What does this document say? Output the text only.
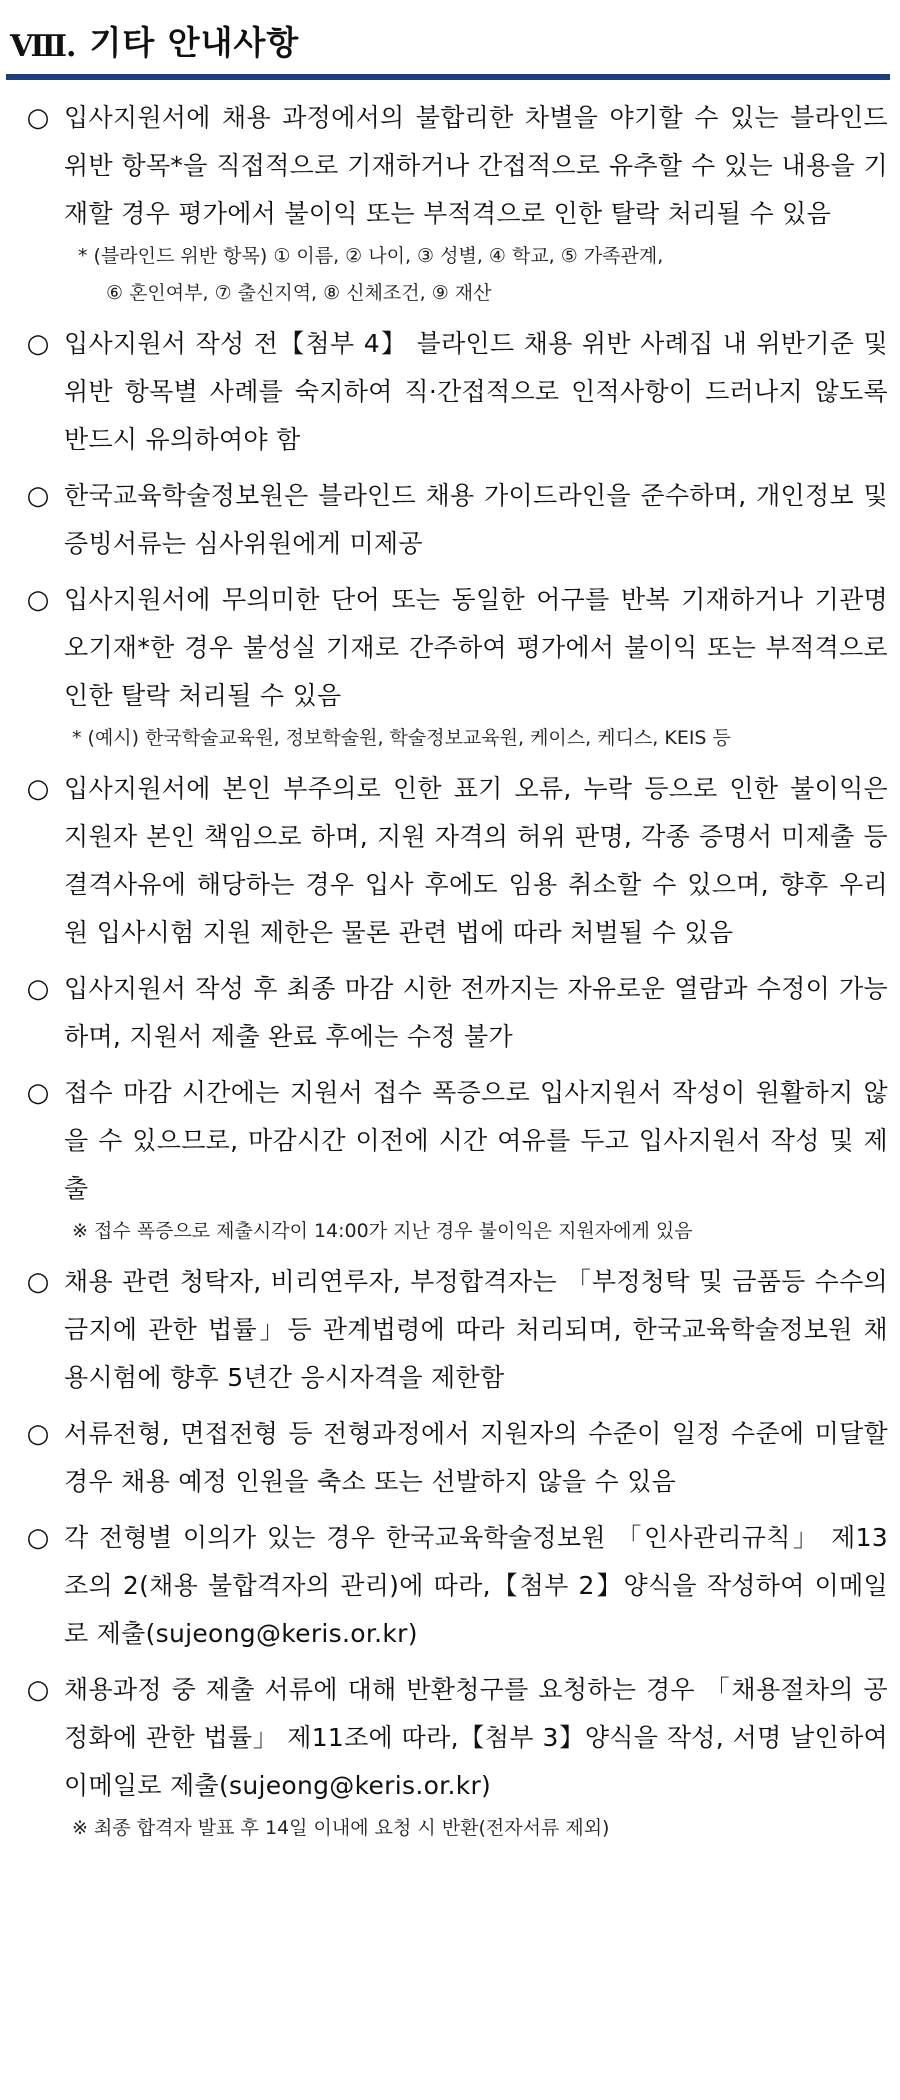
Ⅷ. 기타 안내사항
○ 입사지원서에 채용 과정에서의 불합리한 차별을 야기할 수 있는 블라인드 위반 항목*을 직접적으로 기재하거나 간접적으로 유추할 수 있는 내용을 기재할 경우 평가에서 불이익 또는 부적격으로 인한 탈락 처리될 수 있음
* (블라인드 위반 항목) ① 이름, ② 나이, ③ 성별, ④ 학교, ⑤ 가족관계,
⑥ 혼인여부, ⑦ 출신지역, ⑧ 신체조건, ⑨ 재산
○ 입사지원서 작성 전【첨부 4】 블라인드 채용 위반 사례집 내 위반기준 및 위반 항목별 사례를 숙지하여 직·간접적으로 인적사항이 드러나지 않도록 반드시 유의하여야 함
○ 한국교육학술정보원은 블라인드 채용 가이드라인을 준수하며, 개인정보 및 증빙서류는 심사위원에게 미제공
○ 입사지원서에 무의미한 단어 또는 동일한 어구를 반복 기재하거나 기관명 오기재*한 경우 불성실 기재로 간주하여 평가에서 불이익 또는 부적격으로 인한 탈락 처리될 수 있음
* (예시) 한국학술교육원, 정보학술원, 학술정보교육원, 케이스, 케디스, KEIS 등
○ 입사지원서에 본인 부주의로 인한 표기 오류, 누락 등으로 인한 불이익은 지원자 본인 책임으로 하며, 지원 자격의 허위 판명, 각종 증명서 미제출 등 결격사유에 해당하는 경우 입사 후에도 임용 취소할 수 있으며, 향후 우리 원 입사시험 지원 제한은 물론 관련 법에 따라 처벌될 수 있음
○ 입사지원서 작성 후 최종 마감 시한 전까지는 자유로운 열람과 수정이 가능하며, 지원서 제출 완료 후에는 수정 불가
○ 접수 마감 시간에는 지원서 접수 폭증으로 입사지원서 작성이 원활하지 않을 수 있으므로, 마감시간 이전에 시간 여유를 두고 입사지원서 작성 및 제출
※ 접수 폭증으로 제출시각이 14:00가 지난 경우 불이익은 지원자에게 있음
○ 채용 관련 청탁자, 비리연루자, 부정합격자는 「부정청탁 및 금품등 수수의 금지에 관한 법률」등 관계법령에 따라 처리되며, 한국교육학술정보원 채용시험에 향후 5년간 응시자격을 제한함
○ 서류전형, 면접전형 등 전형과정에서 지원자의 수준이 일정 수준에 미달할 경우 채용 예정 인원을 축소 또는 선발하지 않을 수 있음
○ 각 전형별 이의가 있는 경우 한국교육학술정보원 「인사관리규칙」 제13조의 2(채용 불합격자의 관리)에 따라,【첨부 2】양식을 작성하여 이메일로 제출(sujeong@keris.or.kr)
○ 채용과정 중 제출 서류에 대해 반환청구를 요청하는 경우 「채용절차의 공정화에 관한 법률」 제11조에 따라,【첨부 3】양식을 작성, 서명 날인하여 이메일로 제출(sujeong@keris.or.kr)
※ 최종 합격자 발표 후 14일 이내에 요청 시 반환(전자서류 제외)
